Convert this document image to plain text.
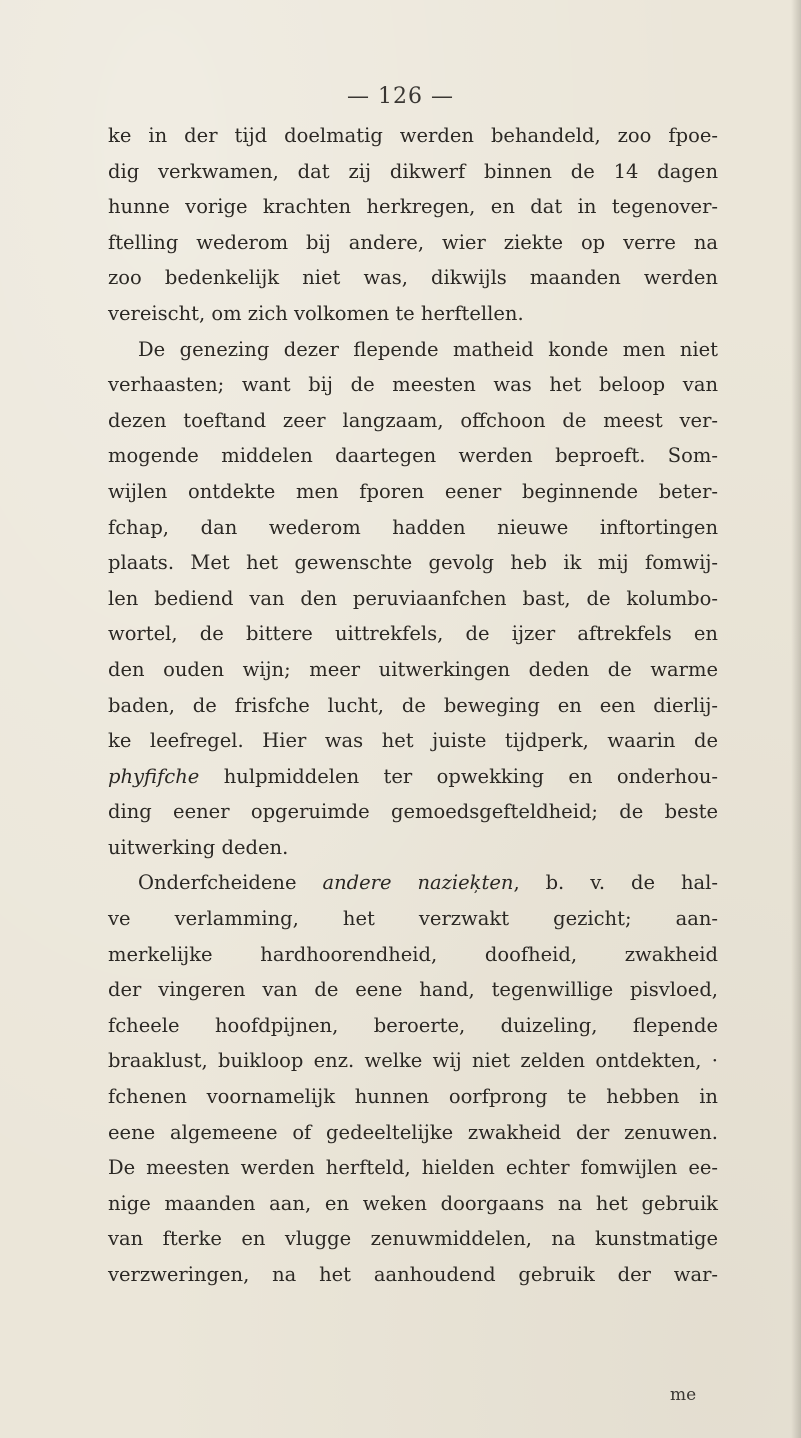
— 126 —
ke in der tijd doelmatig werden behandeld, zoo fpoe-
dig verkwamen, dat zij dikwerf binnen de 14 dagen
hunne vorige krachten herkregen, en dat in tegenover-
ftelling wederom bij andere, wier ziekte op verre na
zoo bedenkelijk niet was, dikwijls maanden werden
vereischt, om zich volkomen te herftellen.
De genezing dezer flepende matheid konde men niet
verhaasten; want bij de meesten was het beloop van
dezen toeftand zeer langzaam, offchoon de meest ver-
mogende middelen daartegen werden beproeft. Som-
wijlen ontdekte men fporen eener beginnende beter-
fchap, dan wederom hadden nieuwe inftortingen
plaats. Met het gewenschte gevolg heb ik mij fomwij-
len bediend van den peruviaanfchen bast, de kolumbo-
wortel, de bittere uittrekfels, de ijzer aftrekfels en
den ouden wijn; meer uitwerkingen deden de warme
baden, de frisfche lucht, de beweging en een dierlij-
ke leefregel. Hier was het juiste tijdperk, waarin de
phyfifche hulpmiddelen ter opwekking en onderhou-
ding eener opgeruimde gemoedsgefteldheid; de beste
uitwerking deden.
Onderfcheidene andere nazieķten, b. v. de hal-
ve verlamming, het verzwakt gezicht; aan-
merkelijke hardhoorendheid, doofheid, zwakheid
der vingeren van de eene hand, tegenwillige pisvloed,
fcheele hoofdpijnen, beroerte, duizeling, flepende
braaklust, buikloop enz. welke wij niet zelden ontdekten, ·
fchenen voornamelijk hunnen oorfprong te hebben in
eene algemeene of gedeeltelijke zwakheid der zenuwen.
De meesten werden herfteld, hielden echter fomwijlen ee-
nige maanden aan, en weken doorgaans na het gebruik
van fterke en vlugge zenuwmiddelen, na kunstmatige
verzweringen, na het aanhoudend gebruik der war-
me
